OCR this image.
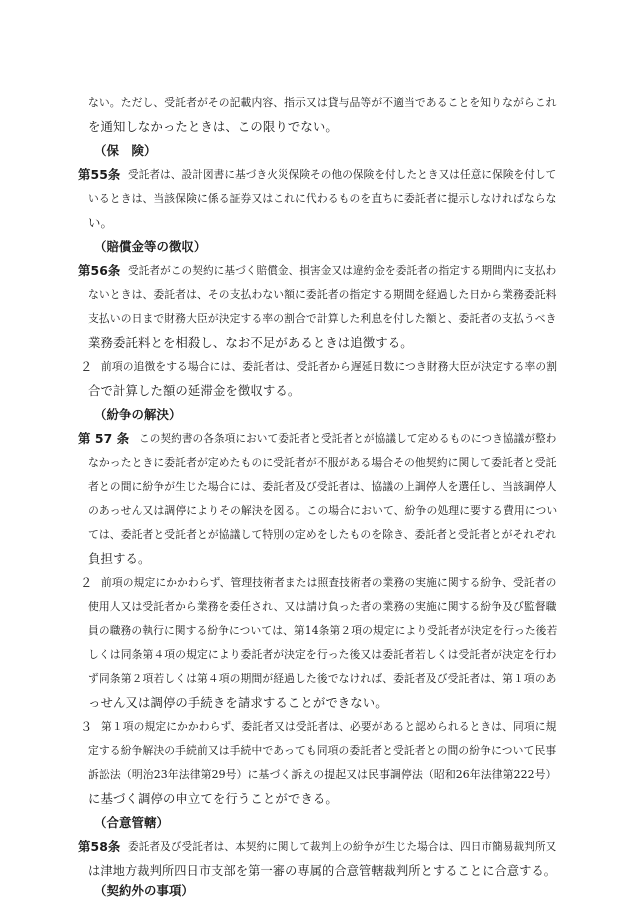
ない。ただし、受託者がその記載内容、指示又は貸与品等が不適当であることを知りながらこれ
を通知しなかったときは、この限りでない。
（保　険）
第55条 受託者は、設計図書に基づき火災保険その他の保険を付したとき又は任意に保険を付して
いるときは、当該保険に係る証券又はこれに代わるものを直ちに委託者に提示しなければならな
い。
（賠償金等の徴収）
第56条 受託者がこの契約に基づく賠償金、損害金又は違約金を委託者の指定する期間内に支払わ
ないときは、委託者は、その支払わない額に委託者の指定する期間を経過した日から業務委託料
支払いの日まで財務大臣が決定する率の割合で計算した利息を付した額と、委託者の支払うべき
業務委託料とを相殺し、なお不足があるときは追徴する。
２ 前項の追徴をする場合には、委託者は、受託者から遅延日数につき財務大臣が決定する率の割
合で計算した額の延滞金を徴収する。
（紛争の解決）
第 57 条 この契約書の各条項において委託者と受託者とが協議して定めるものにつき協議が整わ
なかったときに委託者が定めたものに受託者が不服がある場合その他契約に関して委託者と受託
者との間に紛争が生じた場合には、委託者及び受託者は、協議の上調停人を選任し、当該調停人
のあっせん又は調停によりその解決を図る。この場合において、紛争の処理に要する費用につい
ては、委託者と受託者とが協議して特別の定めをしたものを除き、委託者と受託者とがそれぞれ
負担する。
２ 前項の規定にかかわらず、管理技術者または照査技術者の業務の実施に関する紛争、受託者の
使用人又は受託者から業務を委任され、又は請け負った者の業務の実施に関する紛争及び監督職
員の職務の執行に関する紛争については、第14条第２項の規定により受託者が決定を行った後若
しくは同条第４項の規定により委託者が決定を行った後又は委託者若しくは受託者が決定を行わ
ず同条第２項若しくは第４項の期間が経過した後でなければ、委託者及び受託者は、第１項のあ
っせん又は調停の手続きを請求することができない。
３ 第１項の規定にかかわらず、委託者又は受託者は、必要があると認められるときは、同項に規
定する紛争解決の手続前又は手続中であっても同項の委託者と受託者との間の紛争について民事
訴訟法（明治23年法律第29号）に基づく訴えの提起又は民事調停法（昭和26年法律第222号）
に基づく調停の申立てを行うことができる。
（合意管轄）
第58条 委託者及び受託者は、本契約に関して裁判上の紛争が生じた場合は、四日市簡易裁判所又
は津地方裁判所四日市支部を第一審の専属的合意管轄裁判所とすることに合意する。
（契約外の事項）
